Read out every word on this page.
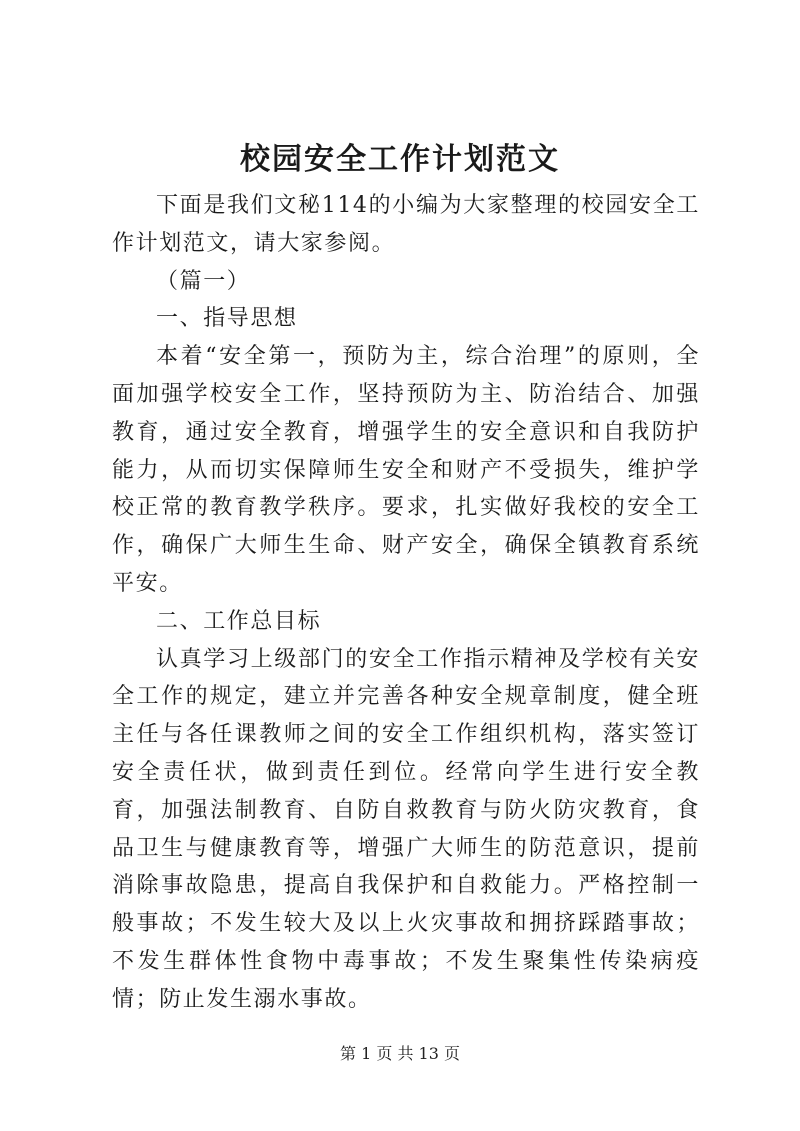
校园安全工作计划范文

下面是我们文秘114的小编为大家整理的校园安全工作计划范文，请大家参阅。

（篇一）

一、指导思想

本着“安全第一，预防为主，综合治理”的原则，全面加强学校安全工作，坚持预防为主、防治结合、加强教育，通过安全教育，增强学生的安全意识和自我防护能力，从而切实保障师生安全和财产不受损失，维护学校正常的教育教学秩序。要求，扎实做好我校的安全工作，确保广大师生生命、财产安全，确保全镇教育系统平安。

二、工作总目标

认真学习上级部门的安全工作指示精神及学校有关安全工作的规定，建立并完善各种安全规章制度，健全班主任与各任课教师之间的安全工作组织机构，落实签订安全责任状，做到责任到位。经常向学生进行安全教育，加强法制教育、自防自救教育与防火防灾教育，食品卫生与健康教育等，增强广大师生的防范意识，提前消除事故隐患，提高自我保护和自救能力。严格控制一般事故；不发生较大及以上火灾事故和拥挤踩踏事故；不发生群体性食物中毒事故；不发生聚集性传染病疫情；防止发生溺水事故。

第 1 页 共 13 页
